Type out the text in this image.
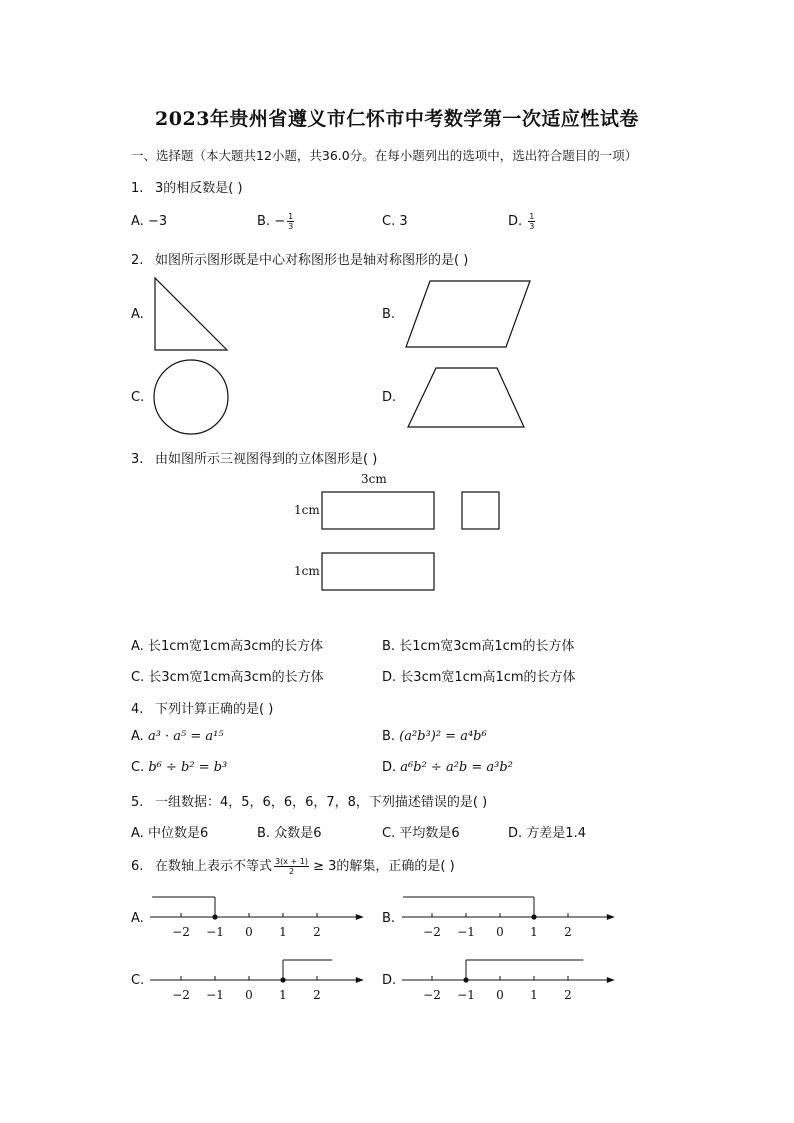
2023年贵州省遵义市仁怀市中考数学第一次适应性试卷
一、选择题（本大题共12小题，共36.0分。在每小题列出的选项中，选出符合题目的一项）
1. 3的相反数是( )
A. −3	B. − $\frac{1}{3}$	C. 3	D. $\frac{1}{3}$
2. 如图所示图形既是中心对称图形也是轴对称图形的是( )
A.	B.
C.	D.
3. 由如图所示三视图得到的立体图形是( )
3cm
1cm
1cm
A. 长1cm宽1cm高3cm的长方体	B. 长1cm宽3cm高1cm的长方体
C. 长3cm宽1cm高3cm的长方体	D. 长3cm宽1cm高1cm的长方体
4. 下列计算正确的是( )
A. a³ · a⁵ = a¹⁵	B. (a²b³)² = a⁴b⁶
C. b⁶ ÷ b² = b³	D. a⁶b² ÷ a²b = a³b²
5. 一组数据：4，5，6，6，6，7，8，下列描述错误的是( )
A. 中位数是6	B. 众数是6	C. 平均数是6	D. 方差是1.4
6. 在数轴上表示不等式 $\frac{3(x + 1)}{2} \ge 3$的解集，正确的是( )
A.	B.
C.	D.
−2 −1 0 1 2	−2 −1 0 1 2
−2 −1 0 1 2	−2 −1 0 1 2
